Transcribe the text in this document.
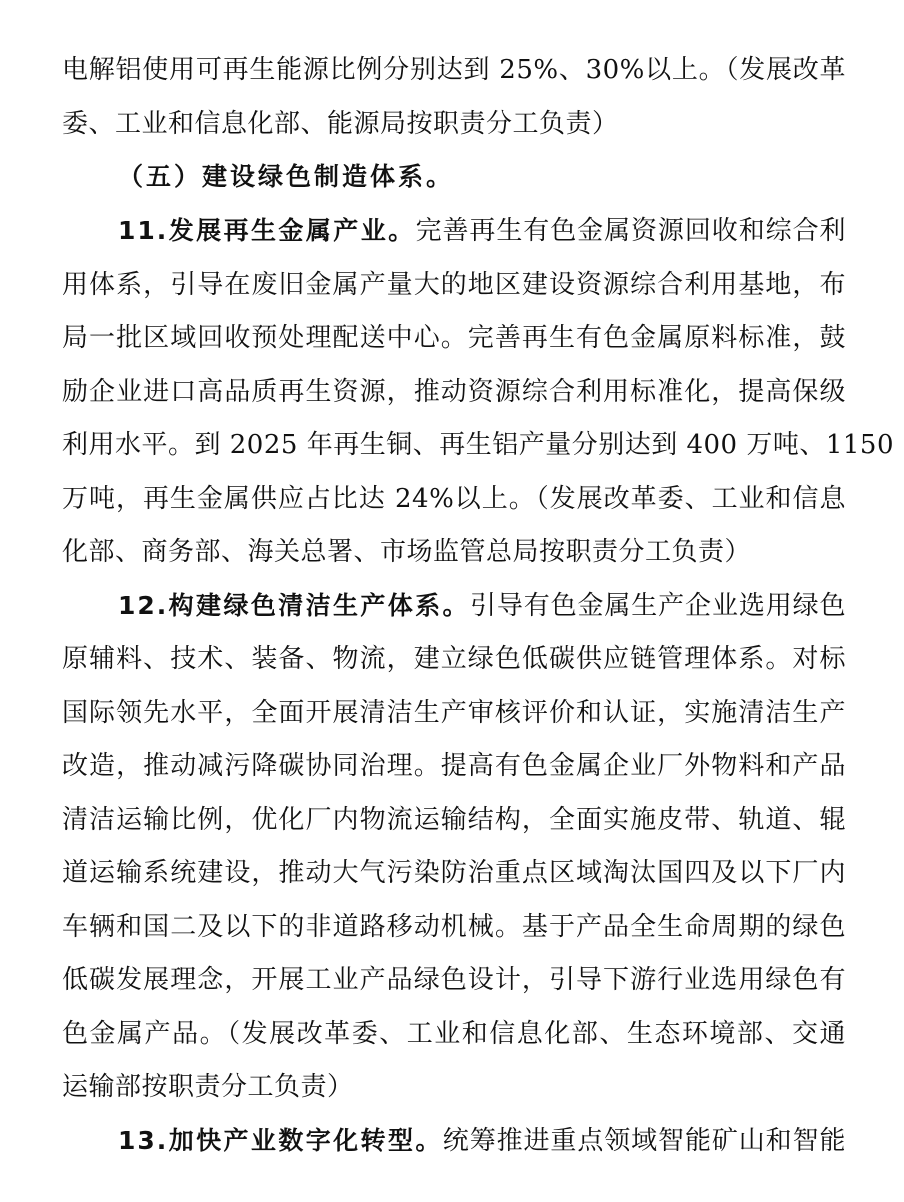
电解铝使用可再生能源比例分别达到 25%、30%以上。（发展改革
委、工业和信息化部、能源局按职责分工负责）
（五）建设绿色制造体系。
11.发展再生金属产业。完善再生有色金属资源回收和综合利
用体系，引导在废旧金属产量大的地区建设资源综合利用基地，布
局一批区域回收预处理配送中心。完善再生有色金属原料标准，鼓
励企业进口高品质再生资源，推动资源综合利用标准化，提高保级
利用水平。到 2025 年再生铜、再生铝产量分别达到 400 万吨、1150
万吨，再生金属供应占比达 24%以上。（发展改革委、工业和信息
化部、商务部、海关总署、市场监管总局按职责分工负责）
12.构建绿色清洁生产体系。引导有色金属生产企业选用绿色
原辅料、技术、装备、物流，建立绿色低碳供应链管理体系。对标
国际领先水平，全面开展清洁生产审核评价和认证，实施清洁生产
改造，推动减污降碳协同治理。提高有色金属企业厂外物料和产品
清洁运输比例，优化厂内物流运输结构，全面实施皮带、轨道、辊
道运输系统建设，推动大气污染防治重点区域淘汰国四及以下厂内
车辆和国二及以下的非道路移动机械。基于产品全生命周期的绿色
低碳发展理念，开展工业产品绿色设计，引导下游行业选用绿色有
色金属产品。（发展改革委、工业和信息化部、生态环境部、交通
运输部按职责分工负责）
13.加快产业数字化转型。统筹推进重点领域智能矿山和智能
